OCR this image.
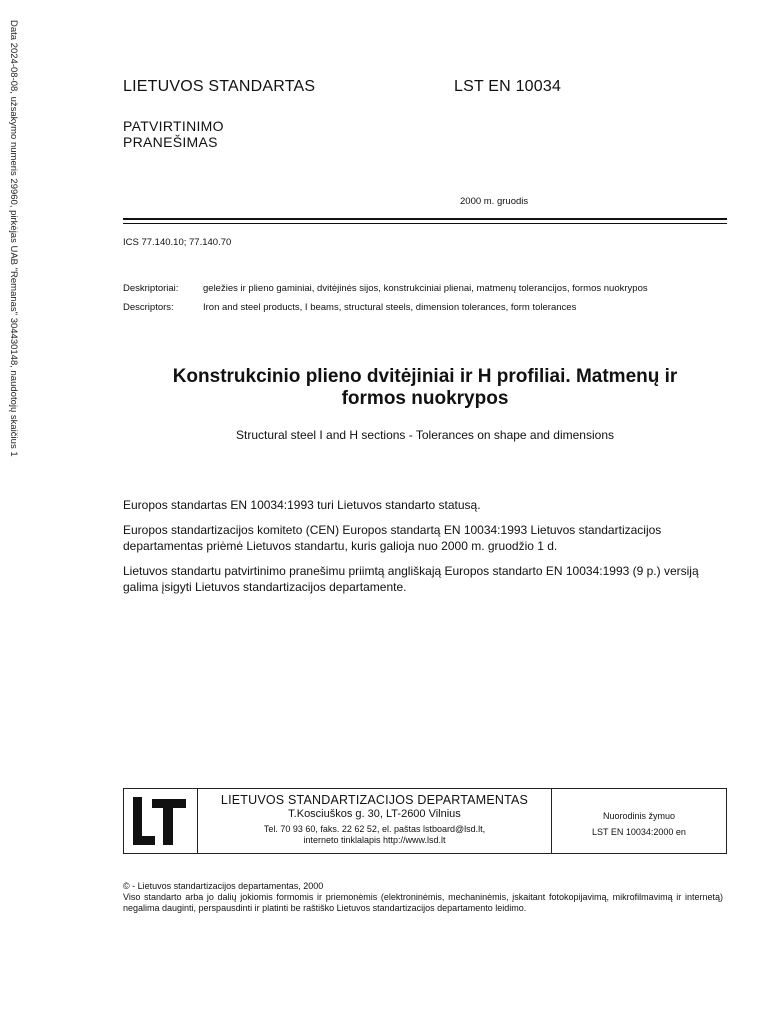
Data 2024-08-08, užsakymo numeris 29960, pirkėjas UAB "Remanas" 304430148, naudotojų skaičius 1	LIETUVOS STANDARTAS	LST EN 10034
PATVIRTINIMO
PRANEŠIMAS
2000 m. gruodis
ICS 77.140.10; 77.140.70
Deskriptoriai:	geležies ir plieno gaminiai, dvitėjinės sijos, konstrukciniai plienai, matmenų tolerancijos, formos nuokrypos
Descriptors:	Iron and steel products, I beams, structural steels, dimension tolerances, form tolerances
Konstrukcinio plieno dvitėjiniai ir H profiliai. Matmenų ir
formos nuokrypos
Structural steel I and H sections - Tolerances on shape and dimensions
Europos standartas EN 10034:1993 turi Lietuvos standarto statusą.
Europos standartizacijos komiteto (CEN) Europos standartą EN 10034:1993 Lietuvos standartizacijos departamentas priėmė Lietuvos standartu, kuris galioja nuo 2000 m. gruodžio 1 d.
Lietuvos standartu patvirtinimo pranešimu priimtą angliškają Europos standarto EN 10034:1993 (9 p.) versiją galima įsigyti Lietuvos standartizacijos departamente.
LT	LIETUVOS STANDARTIZACIJOS DEPARTAMENTAS
T.Kosciuškos g. 30, LT-2600 Vilnius
Tel. 70 93 60, faks. 22 62 52, el. paštas lstboard@lsd.lt,
interneto tinklalapis http://www.lsd.lt
Nuorodinis žymuo
LST EN 10034:2000 en
© - Lietuvos standartizacijos departamentas, 2000
Viso standarto arba jo dalių jokiomis formomis ir priemonėmis (elektroninėmis, mechaninėmis, įskaitant fotokopijavimą, mikrofilmavimą ir internetą) negalima dauginti, perspausdinti ir platinti be raštiško Lietuvos standartizacijos departamento leidimo.
